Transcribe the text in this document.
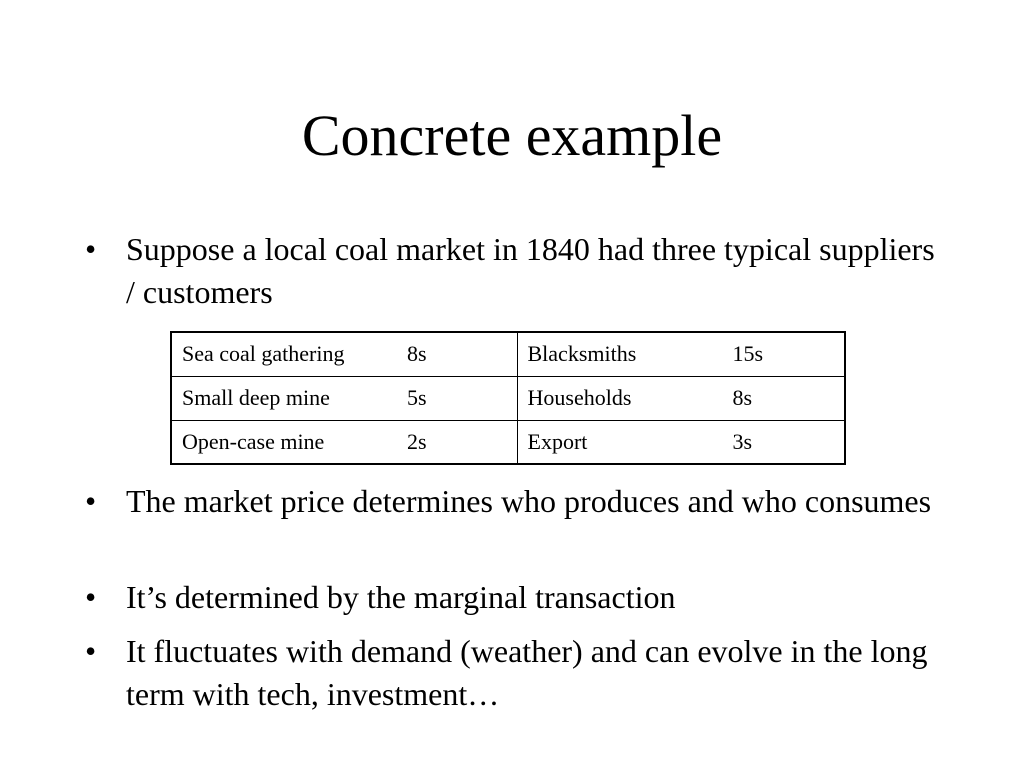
Concrete example
• Suppose a local coal market in 1840 had three typical suppliers / customers
Sea coal gathering 8s	Blacksmiths 15s
Small deep mine 5s	Households 8s
Open-case mine 2s	Export 3s
• The market price determines who produces and who consumes
• It’s determined by the marginal transaction
• It fluctuates with demand (weather) and can evolve in the long term with tech, investment…
